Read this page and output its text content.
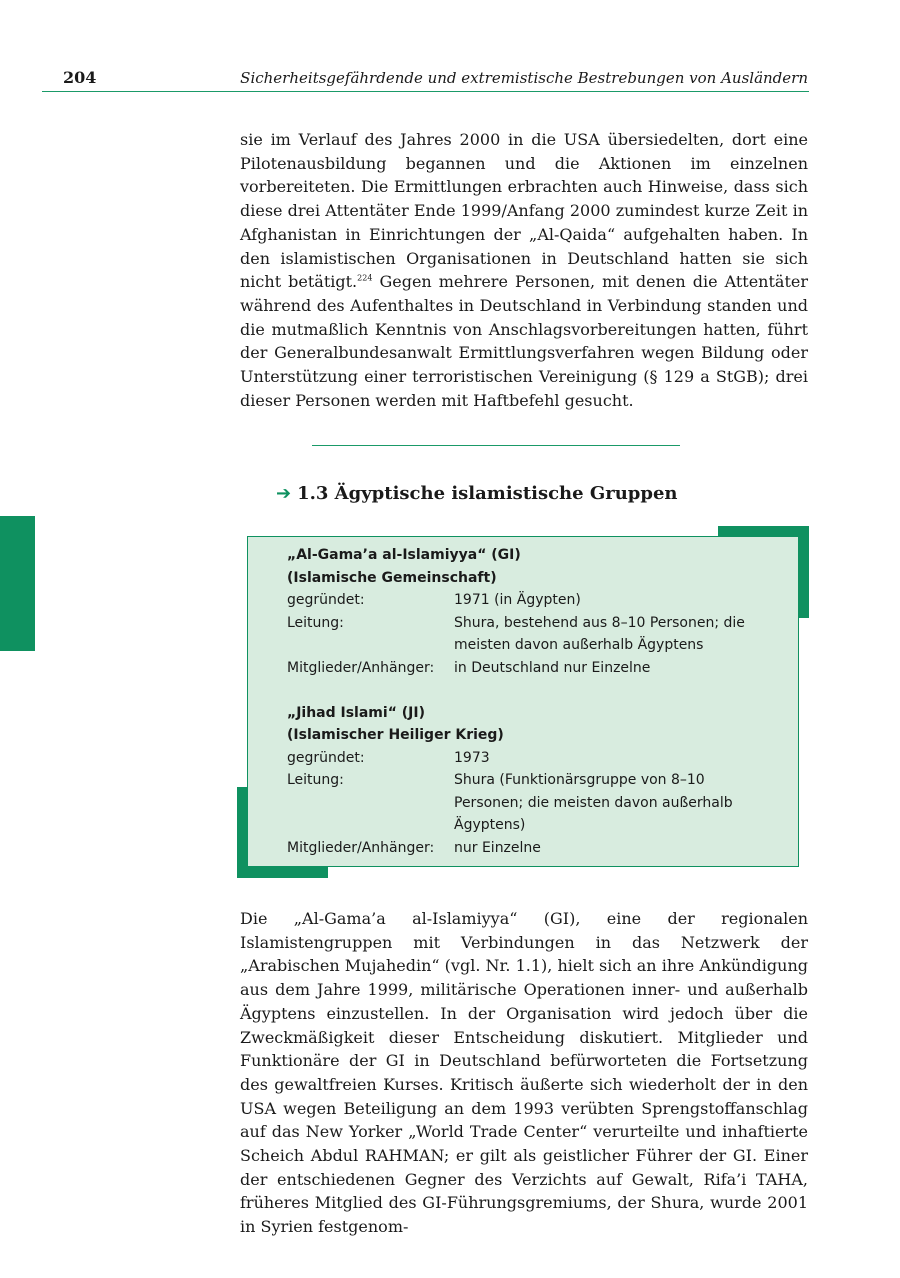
204	Sicherheitsgefährdende und extremistische Bestrebungen von Ausländern

sie im Verlauf des Jahres 2000 in die USA übersiedelten, dort eine Pilotenausbildung begannen und die Aktionen im einzelnen vorbereiteten. Die Ermittlungen erbrachten auch Hinweise, dass sich diese drei Attentäter Ende 1999/Anfang 2000 zumindest kurze Zeit in Afghanistan in Einrichtungen der „Al-Qaida“ aufgehalten haben. In den islamistischen Organisationen in Deutschland hatten sie sich nicht betätigt.$^{224}$ Gegen mehrere Personen, mit denen die Attentäter während des Aufenthaltes in Deutschland in Verbindung standen und die mutmaßlich Kenntnis von Anschlagsvorbereitungen hatten, führt der Generalbundesanwalt Ermittlungsverfahren wegen Bildung oder Unterstützung einer terroristischen Vereinigung (§ 129 a StGB); drei dieser Personen werden mit Haftbefehl gesucht.

➔ 1.3 Ägyptische islamistische Gruppen
„Al-Gama’a al-Islamiyya“ (GI)
(Islamische Gemeinschaft)
gegründet:	1971 (in Ägypten)
Leitung:	Shura, bestehend aus 8–10 Personen; die meisten davon außerhalb Ägyptens
Mitglieder/Anhänger:	in Deutschland nur Einzelne
„Jihad Islami“ (JI)
(Islamischer Heiliger Krieg)
gegründet:	1973
Leitung:	Shura (Funktionärsgruppe von 8–10 Personen; die meisten davon außerhalb Ägyptens)
Mitglieder/Anhänger:	nur Einzelne

Die „Al-Gama’a al-Islamiyya“ (GI), eine der regionalen Islamistengruppen mit Verbindungen in das Netzwerk der „Arabischen Mujahedin“ (vgl. Nr. 1.1), hielt sich an ihre Ankündigung aus dem Jahre 1999, militärische Operationen inner- und außerhalb Ägyptens einzustellen. In der Organisation wird jedoch über die Zweckmäßigkeit dieser Entscheidung diskutiert. Mitglieder und Funktionäre der GI in Deutschland befürworteten die Fortsetzung des gewaltfreien Kurses. Kritisch äußerte sich wiederholt der in den USA wegen Beteiligung an dem 1993 verübten Sprengstoffanschlag auf das New Yorker „World Trade Center“ verurteilte und inhaftierte Scheich Abdul RAHMAN; er gilt als geistlicher Führer der GI. Einer der entschiedenen Gegner des Verzichts auf Gewalt, Rifa’i TAHA, früheres Mitglied des GI-Führungsgremiums, der Shura, wurde 2001 in Syrien festgenom-
